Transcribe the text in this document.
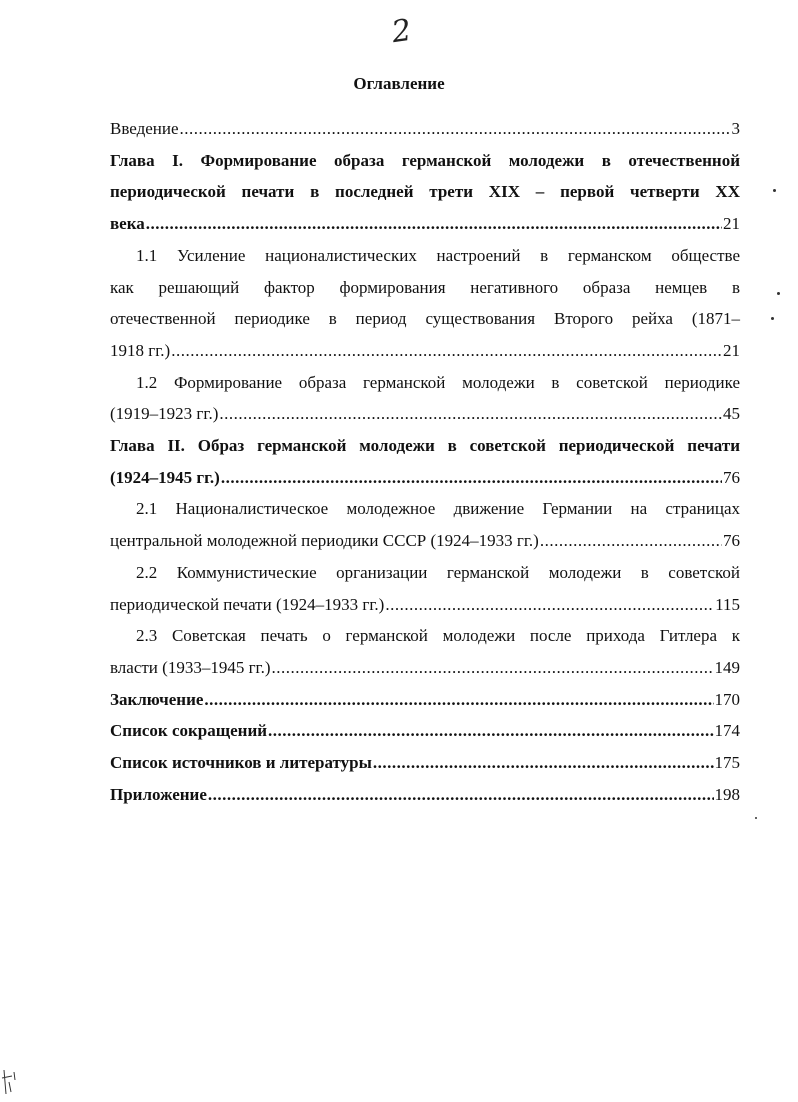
2
Оглавление
Введение .....	3
Глава I. Формирование образа германской молодежи в отечественной
периодической печати в последней трети XIX – первой четверти XX
века .....	21
1.1 Усиление националистических настроений в германском обществе
как решающий фактор формирования негативного образа немцев в
отечественной периодике в период существования Второго рейха (1871–
1918 гг.) .....	21
1.2 Формирование образа германской молодежи в советской периодике
(1919–1923 гг.) .....	45
Глава II. Образ германской молодежи в советской периодической печати
(1924–1945 гг.) .....	76
2.1 Националистическое молодежное движение Германии на страницах
центральной молодежной периодики СССР (1924–1933 гг.) .....	76
2.2 Коммунистические организации германской молодежи в советской
периодической печати (1924–1933 гг.) .....	115
2.3 Советская печать о германской молодежи после прихода Гитлера к
власти (1933–1945 гг.) .....	149
Заключение .....	170
Список сокращений .....	174
Список источников и литературы .....	175
Приложение .....	198
